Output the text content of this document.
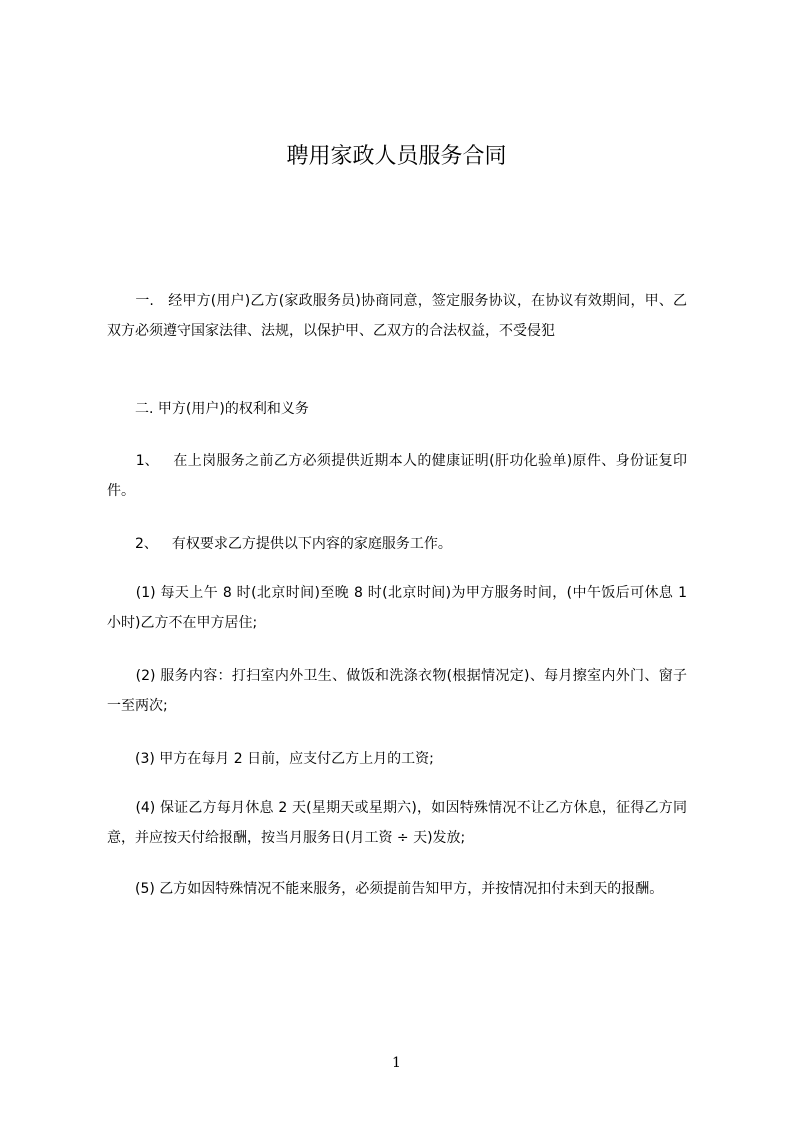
聘用家政人员服务合同

　　一.　 经甲方(用户)乙方(家政服务员)协商同意，签定服务协议，在协议有效期间，甲、乙双方必须遵守国家法律、法规，以保护甲、乙双方的合法权益，不受侵犯

　　二. 甲方(用户)的权利和义务

　　1、　 在上岗服务之前乙方必须提供近期本人的健康证明(肝功化验单)原件、身份证复印件。

　　2、　 有权要求乙方提供以下内容的家庭服务工作。

　　(1) 每天上午 8 时(北京时间)至晚 8 时(北京时间)为甲方服务时间，(中午饭后可休息 1 小时)乙方不在甲方居住;

　　(2) 服务内容：打扫室内外卫生、做饭和洗涤衣物(根据情况定)、每月擦室内外门、窗子一至两次;

　　(3) 甲方在每月 2 日前，应支付乙方上月的工资;

　　(4) 保证乙方每月休息 2 天(星期天或星期六)，如因特殊情况不让乙方休息，征得乙方同意，并应按天付给报酬，按当月服务日(月工资 ÷ 天)发放;

　　(5) 乙方如因特殊情况不能来服务，必须提前告知甲方，并按情况扣付未到天的报酬。

1
